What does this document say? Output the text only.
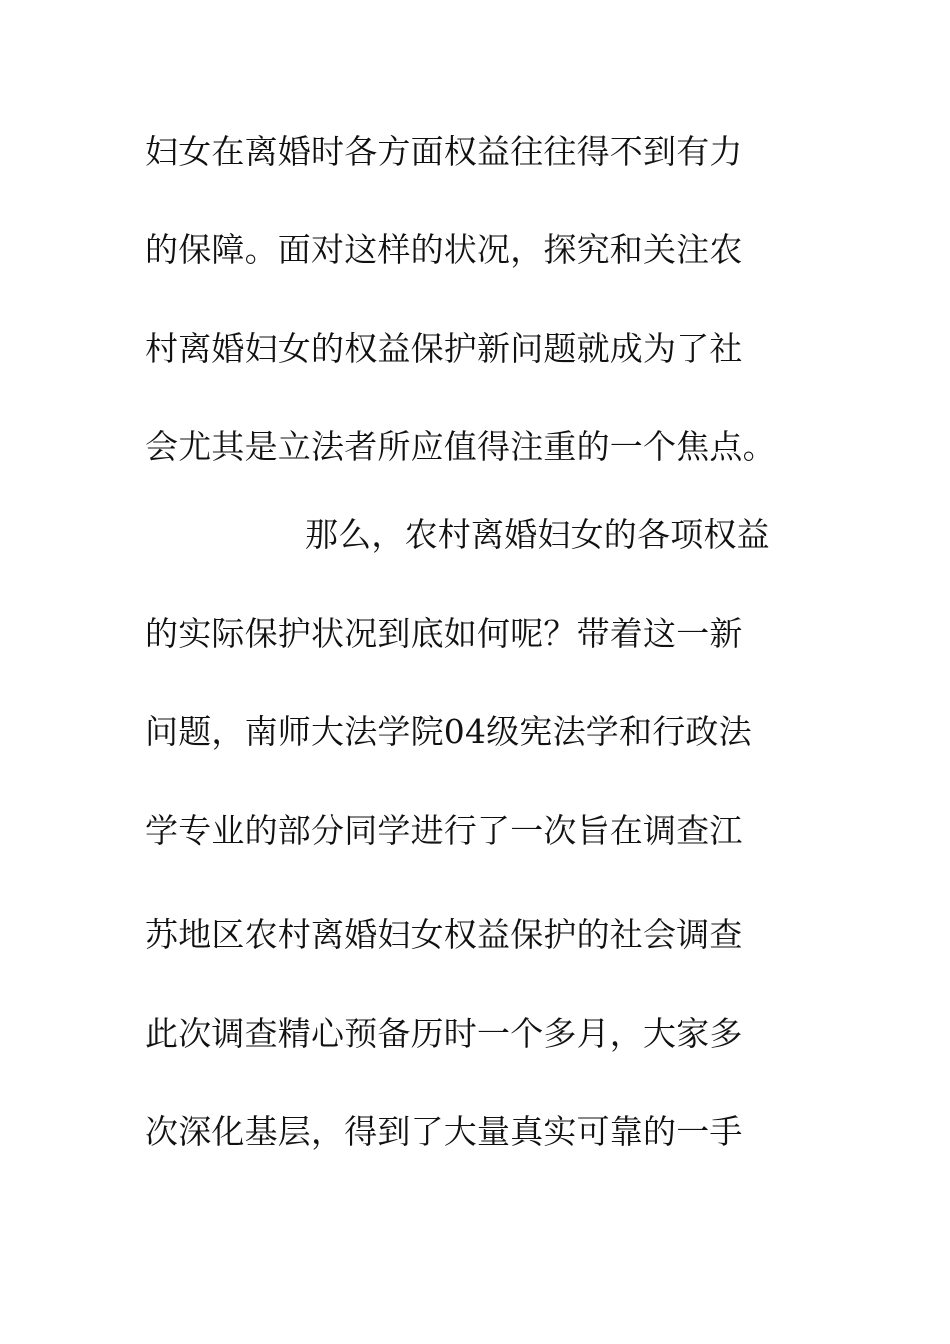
妇女在离婚时各方面权益往往得不到有力
的保障。面对这样的状况，探究和关注农
村离婚妇女的权益保护新问题就成为了社
会尤其是立法者所应值得注重的一个焦点。
那么，农村离婚妇女的各项权益
的实际保护状况到底如何呢？带着这一新
问题，南师大法学院04级宪法学和行政法
学专业的部分同学进行了一次旨在调查江
苏地区农村离婚妇女权益保护的社会调查
此次调查精心预备历时一个多月，大家多
次深化基层，得到了大量真实可靠的一手
